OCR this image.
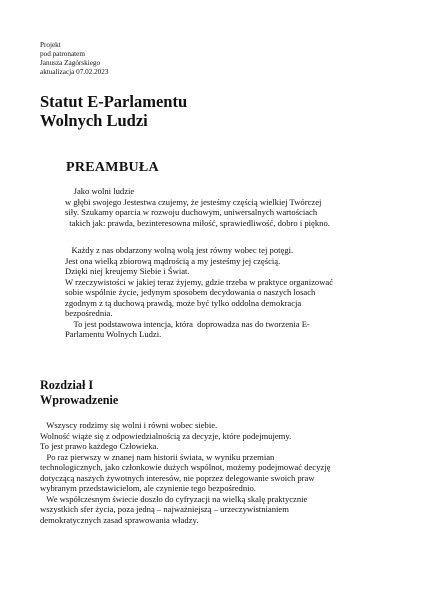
Projekt
pod patronatem
Janusza Zagórskiego
aktualizacja 07.02.2023
Statut E-Parlamentu
Wolnych Ludzi
PREAMBUŁA
Jako wolni ludzie
w głębi swojego Jestestwa czujemy, że jesteśmy częścią wielkiej Twórczej
siły. Szukamy oparcia w rozwoju duchowym, uniwersalnych wartościach
takich jak: prawda, bezinteresowna miłość, sprawiedliwość, dobro i piękno.
Każdy z nas obdarzony wolną wolą jest równy wobec tej potęgi.
Jest ona wielką zbiorową mądrością a my jesteśmy jej częścią.
Dzięki niej kreujemy Siebie i Świat.
W rzeczywistości w jakiej teraz żyjemy, gdzie trzeba w praktyce organizować
sobie wspólnie życie, jedynym sposobem decydowania o naszych losach
zgodnym z tą duchową prawdą, może być tylko oddolna demokracja
bezpośrednia.
To jest podstawowa intencja, która  doprowadza nas do tworzenia E-
Parlamentu Wolnych Ludzi.
Rozdział I
Wprowadzenie
Wszyscy rodzimy się wolni i równi wobec siebie.
Wolność wiąże się z odpowiedzialnością za decyzje, które podejmujemy.
To jest prawo każdego Człowieka.
Po raz pierwszy w znanej nam historii świata, w wyniku przemian
technologicznych, jako członkowie dużych wspólnot, możemy podejmować decyzję
dotyczącą naszych żywotnych interesów, nie poprzez delegowanie swoich praw
wybranym przedstawicielom, ale czynienie tego bezpośrednio.
We współczesnym świecie doszło do cyfryzacji na wielką skalę praktycznie
wszystkich sfer życia, poza jedną – najważniejszą – urzeczywistnianiem
demokratycznych zasad sprawowania władzy.
